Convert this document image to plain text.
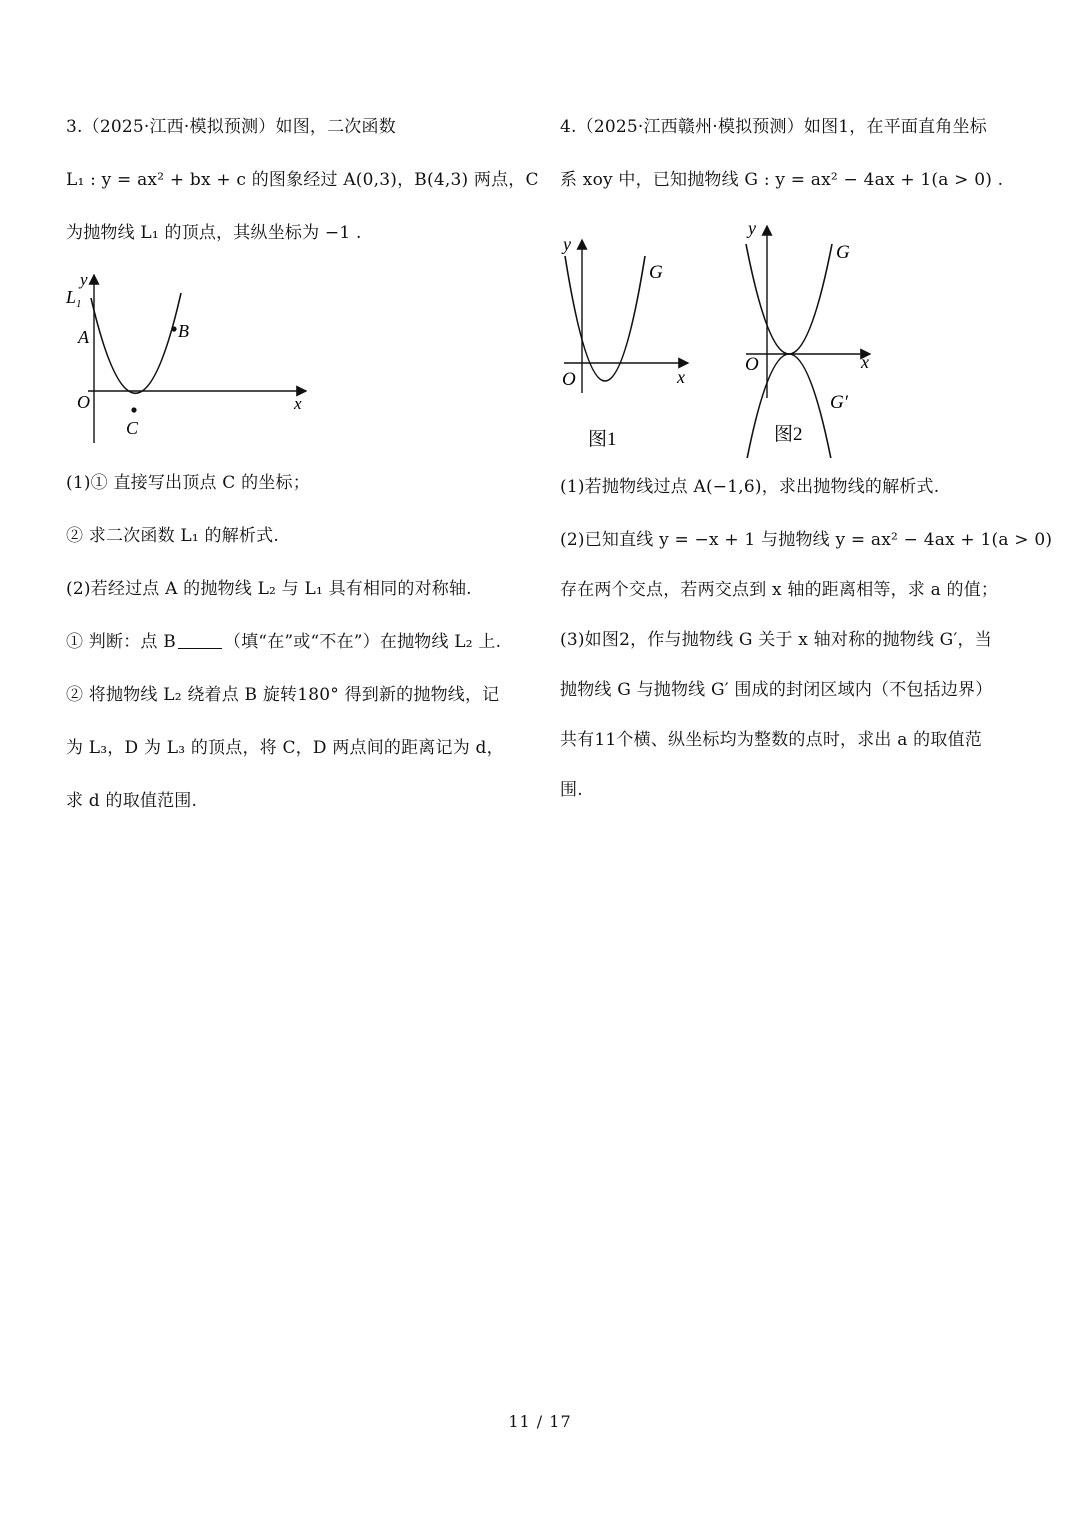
3.（2025·江西·模拟预测）如图，二次函数
L₁ : y = ax² + bx + c 的图象经过 A(0,3)，B(4,3) 两点，C
为抛物线 L₁ 的顶点，其纵坐标为 −1 .
y
$L_1$
A	B
O
C
x
(1)① 直接写出顶点 C 的坐标；
② 求二次函数 L₁ 的解析式.
(2)若经过点 A 的抛物线 L₂ 与 L₁ 具有相同的对称轴.
① 判断：点 B	（填“在”或“不在”）在抛物线 L₂ 上.
② 将抛物线 L₂ 绕着点 B 旋转180° 得到新的抛物线，记
为 L₃，D 为 L₃ 的顶点，将 C，D 两点间的距离记为 d，
求 d 的取值范围.
4.（2025·江西赣州·模拟预测）如图1，在平面直角坐标
系 xoy 中，已知抛物线 G : y = ax² − 4ax + 1(a > 0) .
y
G
O	x
图1
y
G
O	x
G′
图2
(1)若抛物线过点 A(−1,6)，求出抛物线的解析式.
(2)已知直线 y = −x + 1 与抛物线 y = ax² − 4ax + 1(a > 0)
存在两个交点，若两交点到 x 轴的距离相等，求 a 的值；
(3)如图2，作与抛物线 G 关于 x 轴对称的抛物线 G′，当
抛物线 G 与抛物线 G′ 围成的封闭区域内（不包括边界）
共有11个横、纵坐标均为整数的点时，求出 a 的取值范
围.
11 / 17
